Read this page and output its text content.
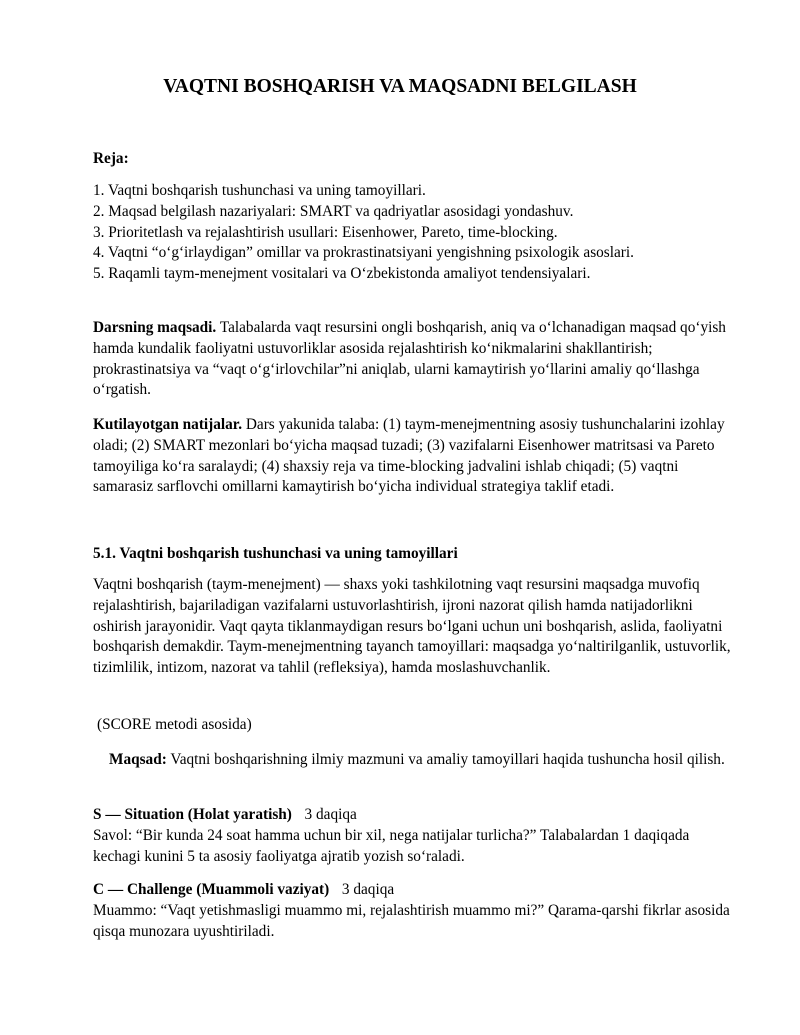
VAQTNI BOSHQARISH VA MAQSADNI BELGILASH
Reja:
1. Vaqtni boshqarish tushunchasi va uning tamoyillari.
2. Maqsad belgilash nazariyalari: SMART va qadriyatlar asosidagi yondashuv.
3. Prioritetlash va rejalashtirish usullari: Eisenhower, Pareto, time-blocking.
4. Vaqtni “o‘g‘irlaydigan” omillar va prokrastinatsiyani yengishning psixologik asoslari.
5. Raqamli taym-menejment vositalari va O‘zbekistonda amaliyot tendensiyalari.

Darsning maqsadi. Talabalarda vaqt resursini ongli boshqarish, aniq va o‘lchanadigan maqsad qo‘yish hamda kundalik faoliyatni ustuvorliklar asosida rejalashtirish ko‘nikmalarini shakllantirish; prokrastinatsiya va “vaqt o‘g‘irlovchilar”ni aniqlab, ularni kamaytirish yo‘llarini amaliy qo‘llashga o‘rgatish.

Kutilayotgan natijalar. Dars yakunida talaba: (1) taym-menejmentning asosiy tushunchalarini izohlay oladi; (2) SMART mezonlari bo‘yicha maqsad tuzadi; (3) vazifalarni Eisenhower matritsasi va Pareto tamoyiliga ko‘ra saralaydi; (4) shaxsiy reja va time-blocking jadvalini ishlab chiqadi; (5) vaqtni samarasiz sarflovchi omillarni kamaytirish bo‘yicha individual strategiya taklif etadi.

5.1. Vaqtni boshqarish tushunchasi va uning tamoyillari

Vaqtni boshqarish (taym-menejment) — shaxs yoki tashkilotning vaqt resursini maqsadga muvofiq rejalashtirish, bajariladigan vazifalarni ustuvorlashtirish, ijroni nazorat qilish hamda natijadorlikni oshirish jarayonidir. Vaqt qayta tiklanmaydigan resurs bo‘lgani uchun uni boshqarish, aslida, faoliyatni boshqarish demakdir. Taym-menejmentning tayanch tamoyillari: maqsadga yo‘naltirilganlik, ustuvorlik, tizimlilik, intizom, nazorat va tahlil (refleksiya), hamda moslashuvchanlik.

(SCORE metodi asosida)

Maqsad: Vaqtni boshqarishning ilmiy mazmuni va amaliy tamoyillari haqida tushuncha hosil qilish.

S — Situation (Holat yaratish) 3 daqiqa
Savol: “Bir kunda 24 soat hamma uchun bir xil, nega natijalar turlicha?” Talabalardan 1 daqiqada kechagi kunini 5 ta asosiy faoliyatga ajratib yozish so‘raladi.
C — Challenge (Muammoli vaziyat) 3 daqiqa
Muammo: “Vaqt yetishmasligi muammo mi, rejalashtirish muammo mi?” Qarama-qarshi fikrlar asosida qisqa munozara uyushtiriladi.
